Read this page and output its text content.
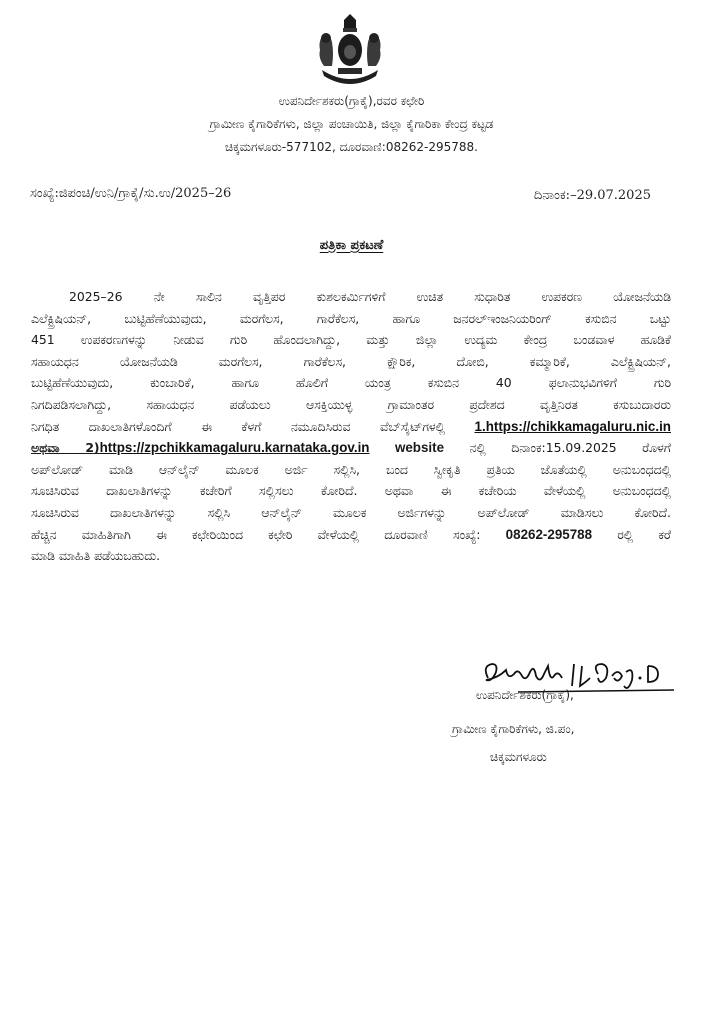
ಉಪನಿರ್ದೇಶಕರು(ಗ್ರಾಕೈ),ರವರ ಕಛೇರಿ
ಗ್ರಾಮೀಣ ಕೈಗಾರಿಕೆಗಳು, ಜಿಲ್ಲಾ ಪಂಚಾಯಿತಿ, ಜಿಲ್ಲಾ ಕೈಗಾರಿಕಾ ಕೇಂದ್ರ ಕಟ್ಟಡ
ಚಿಕ್ಕಮಗಳೂರು-577102, ದೂರವಾಣಿ:08262-295788.
ಸಂಖ್ಯೆ:ಜಿಪಂಚಿ/ಉನಿ/ಗ್ರಾಕೈ/ಸು.ಉ/2025–26	ದಿನಾಂಕ:–29.07.2025
ಪತ್ರಿಕಾ ಪ್ರಕಟಣೆ
2025–26 ನೇ ಸಾಲಿನ ವೃತ್ತಿಪರ ಕುಶಲಕರ್ಮಿಗಳಿಗೆ ಉಚಿತ ಸುಧಾರಿತ ಉಪಕರಣ ಯೋಜನೆಯಡಿ
ಎಲೆಕ್ಟ್ರಿಷಿಯನ್, ಬುಟ್ಟಿಹೆಣೆಯುವುದು, ಮರಗೆಲಸ, ಗಾರೆಕೆಲಸ, ಹಾಗೂ ಜನರಲ್‌ಇಂಜನಿಯರಿಂಗ್ ಕಸುಬಿನ ಒಟ್ಟು
451 ಉಪಕರಣಗಳನ್ನು ನೀಡುವ ಗುರಿ ಹೊಂದಲಾಗಿದ್ದು, ಮತ್ತು ಜಿಲ್ಲಾ ಉದ್ಯಮ ಕೇಂದ್ರ ಬಂಡವಾಳ ಹೂಡಿಕೆ
ಸಹಾಯಧನ ಯೋಜನೆಯಡಿ ಮರಗೆಲಸ, ಗಾರೆಕೆಲಸ, ಕ್ಷೌರಿಕ, ದೋಬಿ, ಕಮ್ಮಾರಿಕೆ, ಎಲೆಕ್ಟ್ರಿಷಿಯನ್,
ಬುಟ್ಟಿಹೆಣೆಯುವುದು, ಕುಂಬಾರಿಕೆ, ಹಾಗೂ ಹೊಲಿಗೆ ಯಂತ್ರ ಕಸುಬಿನ 40 ಫಲಾನುಭವಿಗಳಿಗೆ ಗುರಿ
ನಿಗದಿಪಡಿಸಲಾಗಿದ್ದು, ಸಹಾಯಧನ ಪಡೆಯಲು ಆಸಕ್ತಿಯುಳ್ಳ ಗ್ರಾಮಾಂತರ ಪ್ರದೇಶದ ವೃತ್ತಿನಿರತ ಕಸುಬುದಾರರು
ನಿಗಧಿತ ದಾಖಲಾತಿಗಳೊಂದಿಗೆ ಈ ಕೆಳಗೆ ನಮೂದಿಸಿರುವ ವೆಬ್‌ಸೈಟ್‌ಗಳಲ್ಲಿ 1.https://chikkamagaluru.nic.in
ಅಥವಾ 2)https://zpchikkamagaluru.karnataka.gov.in website ನಲ್ಲಿ ದಿನಾಂಕ:15.09.2025 ರೊಳಗೆ
ಅಪ್‌ಲೋಡ್ ಮಾಡಿ ಆನ್‌ಲೈನ್ ಮೂಲಕ ಅರ್ಜಿ ಸಲ್ಲಿಸಿ, ಬಂದ ಸ್ವೀಕೃತಿ ಪ್ರತಿಯ ಜೊತೆಯಲ್ಲಿ ಅನುಬಂಧದಲ್ಲಿ
ಸೂಚಿಸಿರುವ ದಾಖಲಾತಿಗಳನ್ನು ಕಚೇರಿಗೆ ಸಲ್ಲಿಸಲು ಕೋರಿದೆ. ಅಥವಾ ಈ ಕಚೇರಿಯ ವೇಳೆಯಲ್ಲಿ ಅನುಬಂಧದಲ್ಲಿ
ಸೂಚಿಸಿರುವ ದಾಖಲಾತಿಗಳನ್ನು ಸಲ್ಲಿಸಿ ಆನ್‌ಲೈನ್ ಮೂಲಕ ಅರ್ಜಿಗಳನ್ನು ಅಪ್‌ಲೋಡ್ ಮಾಡಿಸಲು ಕೋರಿದೆ.
ಹೆಚ್ಚಿನ ಮಾಹಿತಿಗಾಗಿ ಈ ಕಛೇರಿಯಿಂದ ಕಛೇರಿ ವೇಳೆಯಲ್ಲಿ ದೂರವಾಣಿ ಸಂಖ್ಯೆ: 08262-295788 ರಲ್ಲಿ ಕರೆ
ಮಾಡಿ ಮಾಹಿತಿ ಪಡೆಯಬಹುದು.
ಉಪನಿರ್ದೇಶಕರು(ಗ್ರಾಕೈ),
ಗ್ರಾಮೀಣ ಕೈಗಾರಿಕೆಗಳು, ಜಿ.ಪಂ,
ಚಿಕ್ಕಮಗಳೂರು
